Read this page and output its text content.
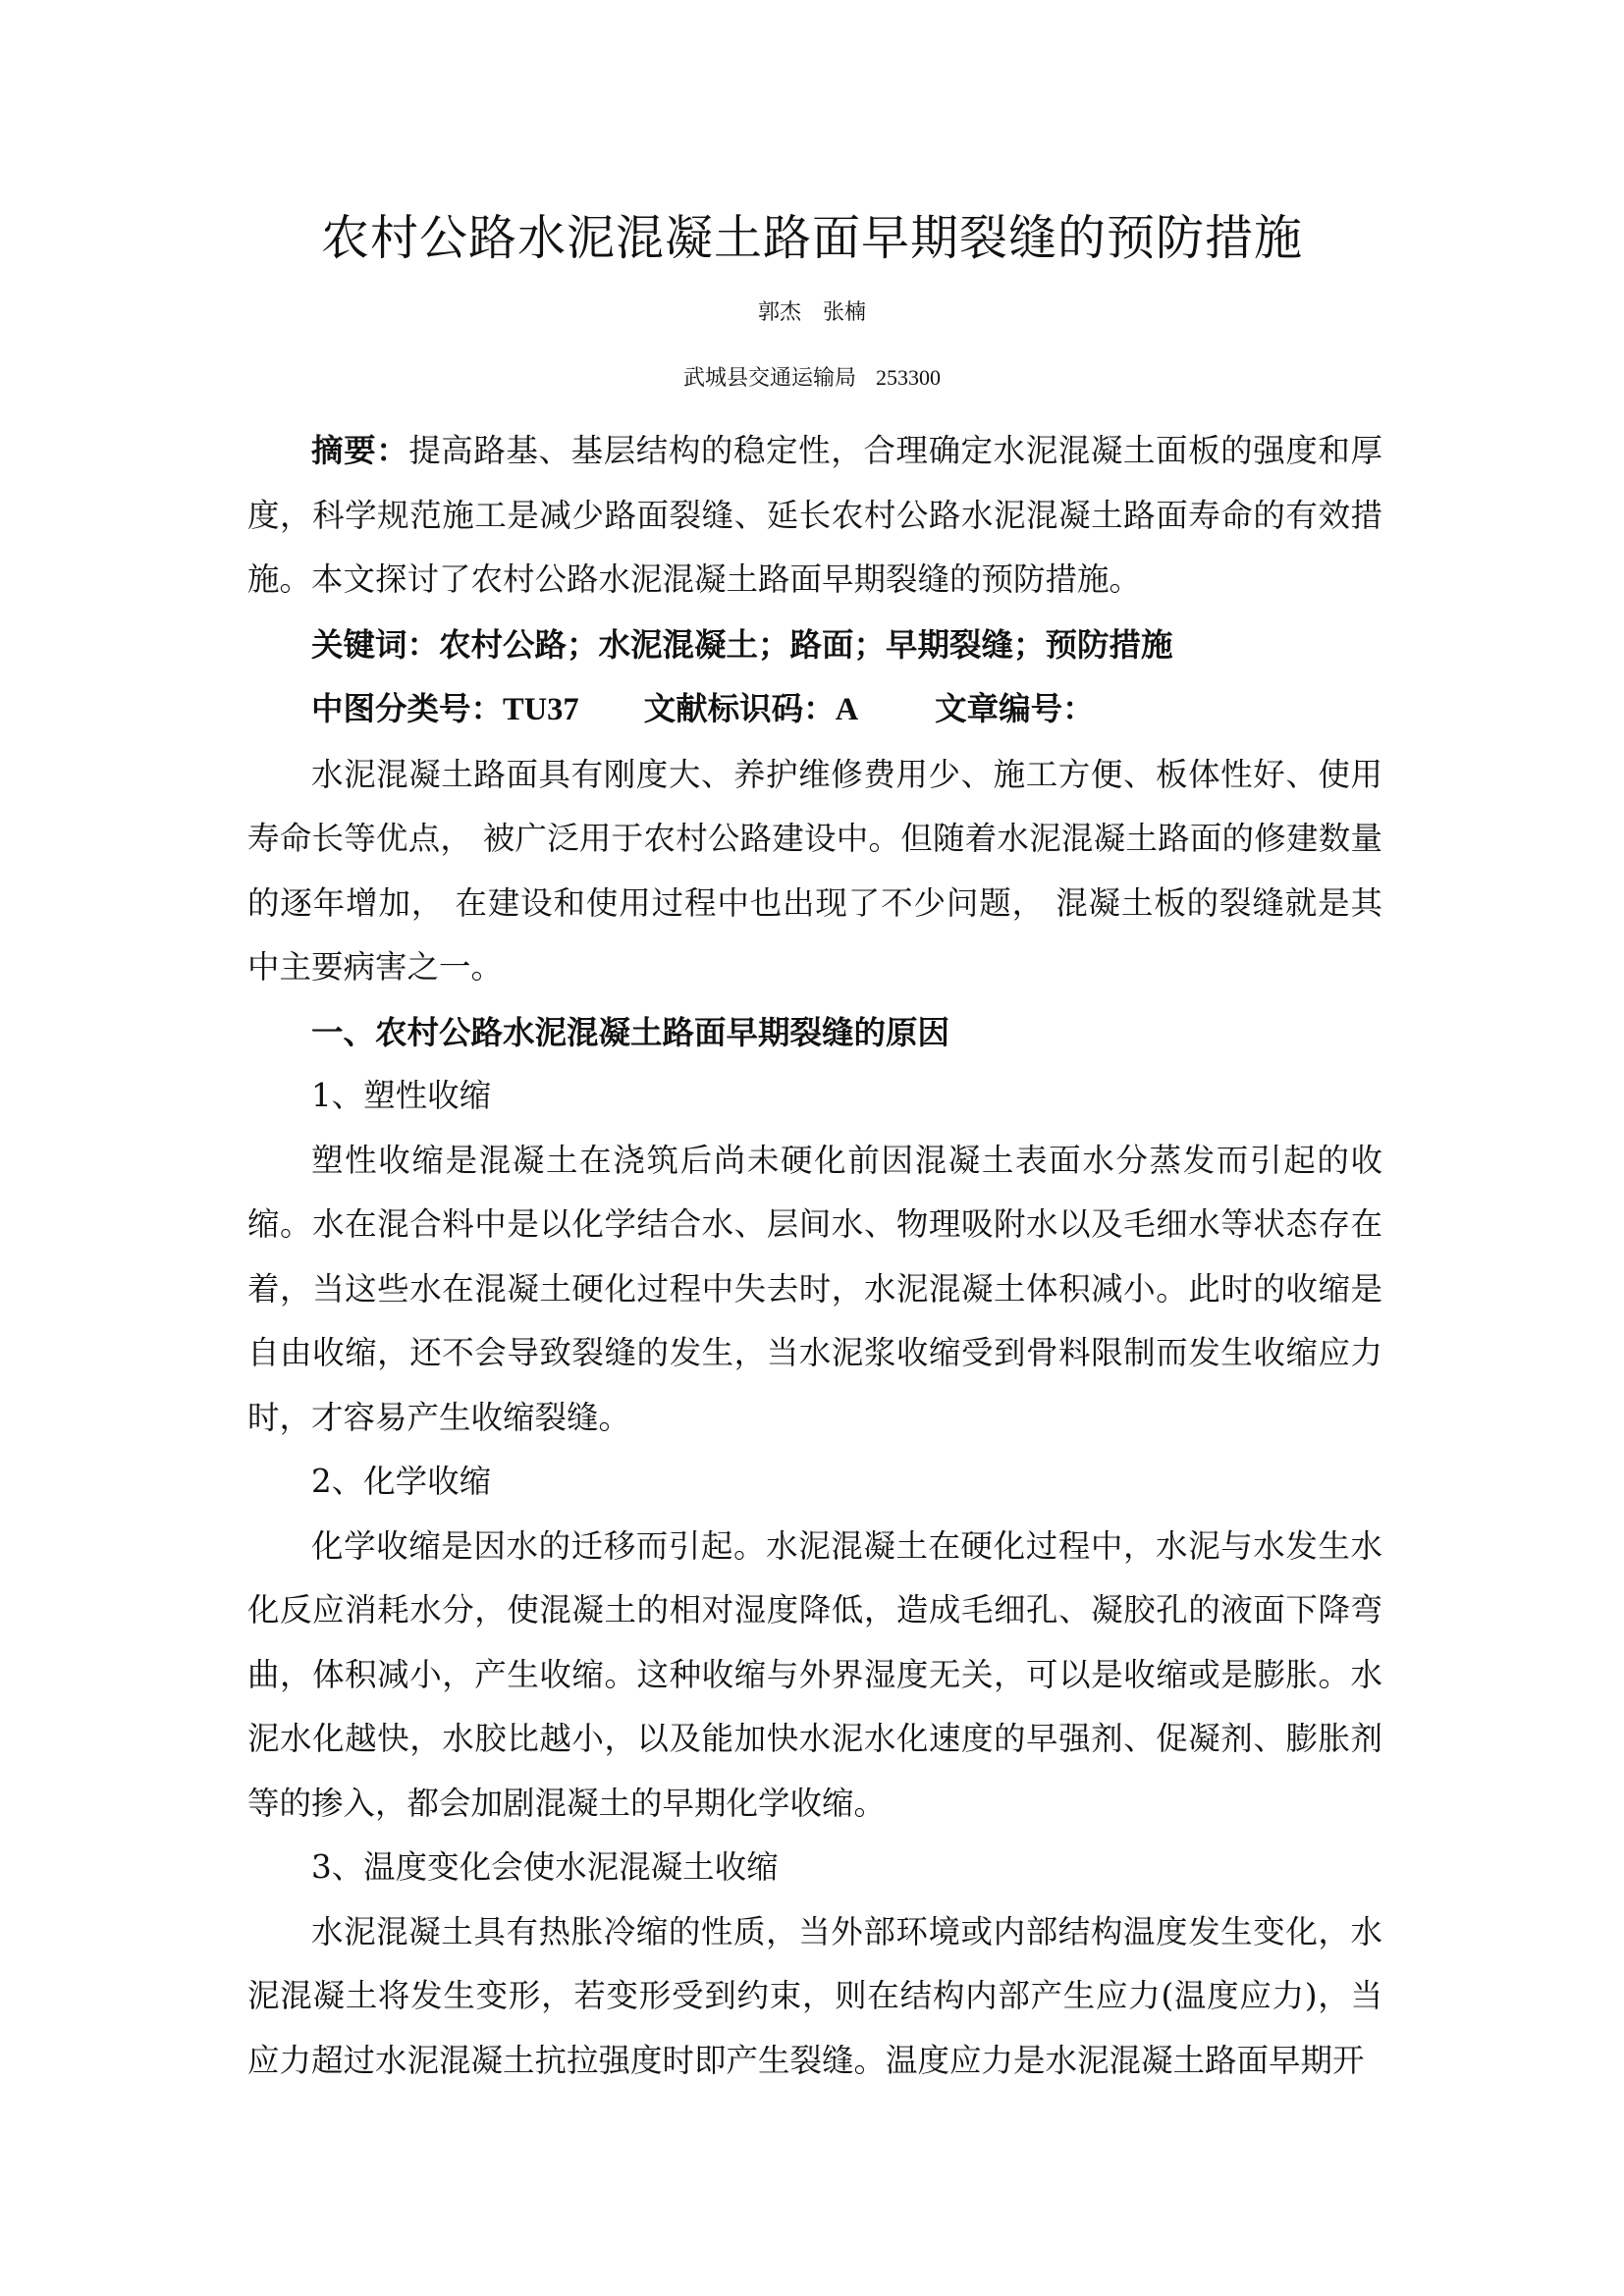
农村公路水泥混凝土路面早期裂缝的预防措施
郭杰　张楠
武城县交通运输局 253300

摘要：提高路基、基层结构的稳定性，合理确定水泥混凝土面板的强度和厚度，科学规范施工是减少路面裂缝、延长农村公路水泥混凝土路面寿命的有效措施。本文探讨了农村公路水泥混凝土路面早期裂缝的预防措施。

关键词：农村公路；水泥混凝土；路面；早期裂缝；预防措施

中图分类号：TU37 文献标识码：A 文章编号：

水泥混凝土路面具有刚度大、养护维修费用少、施工方便、板体性好、使用寿命长等优点， 被广泛用于农村公路建设中。但随着水泥混凝土路面的修建数量的逐年增加， 在建设和使用过程中也出现了不少问题， 混凝土板的裂缝就是其中主要病害之一。

一、农村公路水泥混凝土路面早期裂缝的原因

1、塑性收缩

塑性收缩是混凝土在浇筑后尚未硬化前因混凝土表面水分蒸发而引起的收缩。水在混合料中是以化学结合水、层间水、物理吸附水以及毛细水等状态存在着，当这些水在混凝土硬化过程中失去时，水泥混凝土体积减小。此时的收缩是自由收缩，还不会导致裂缝的发生，当水泥浆收缩受到骨料限制而发生收缩应力时，才容易产生收缩裂缝。

2、化学收缩

化学收缩是因水的迁移而引起。水泥混凝土在硬化过程中，水泥与水发生水化反应消耗水分，使混凝土的相对湿度降低，造成毛细孔、凝胶孔的液面下降弯曲，体积减小，产生收缩。这种收缩与外界湿度无关，可以是收缩或是膨胀。水泥水化越快，水胶比越小，以及能加快水泥水化速度的早强剂、促凝剂、膨胀剂等的掺入，都会加剧混凝土的早期化学收缩。

3、温度变化会使水泥混凝土收缩

水泥混凝土具有热胀冷缩的性质，当外部环境或内部结构温度发生变化，水泥混凝土将发生变形，若变形受到约束，则在结构内部产生应力(温度应力)，当应力超过水泥混凝土抗拉强度时即产生裂缝。温度应力是水泥混凝土路面早期开
